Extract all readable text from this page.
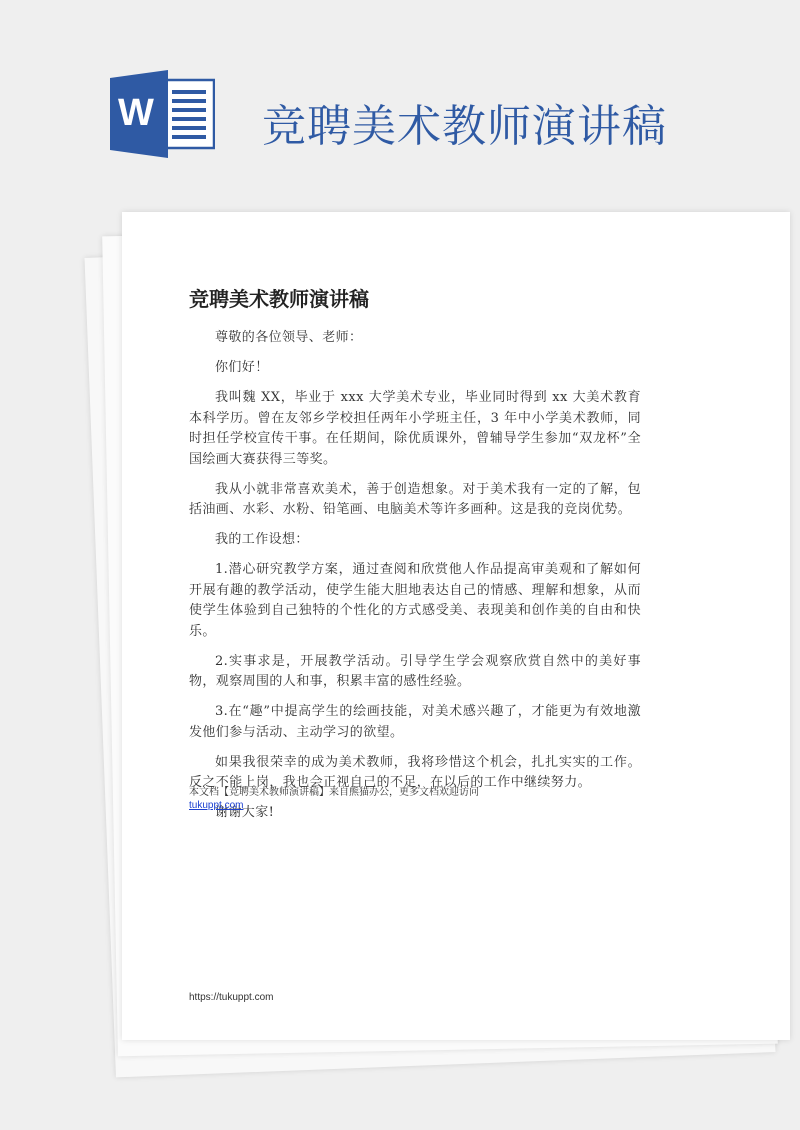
W 竞聘美术教师演讲稿
竞聘美术教师演讲稿

尊敬的各位领导、老师：

你们好！

我叫魏 XX，毕业于 xxx 大学美术专业，毕业同时得到 xx 大美术教育本科学历。曾在友邻乡学校担任两年小学班主任，3 年中小学美术教师，同时担任学校宣传干事。在任期间，除优质课外，曾辅导学生参加“双龙杯”全国绘画大赛获得三等奖。

我从小就非常喜欢美术，善于创造想象。对于美术我有一定的了解，包括油画、水彩、水粉、铅笔画、电脑美术等许多画种。这是我的竞岗优势。

我的工作设想：

1.潜心研究教学方案，通过查阅和欣赏他人作品提高审美观和了解如何开展有趣的教学活动，使学生能大胆地表达自己的情感、理解和想象，从而使学生体验到自己独特的个性化的方式感受美、表现美和创作美的自由和快乐。

2.实事求是，开展教学活动。引导学生学会观察欣赏自然中的美好事物，观察周围的人和事，积累丰富的感性经验。

3.在“趣”中提高学生的绘画技能，对美术感兴趣了，才能更为有效地激发他们参与活动、主动学习的欲望。

如果我很荣幸的成为美术教师，我将珍惜这个机会，扎扎实实的工作。反之不能上岗，我也会正视自己的不足，在以后的工作中继续努力。

谢谢大家!

本文档【竞聘美术教师演讲稿】来自熊猫办公，更多文档欢迎访问
tukuppt.com
https://tukuppt.com
